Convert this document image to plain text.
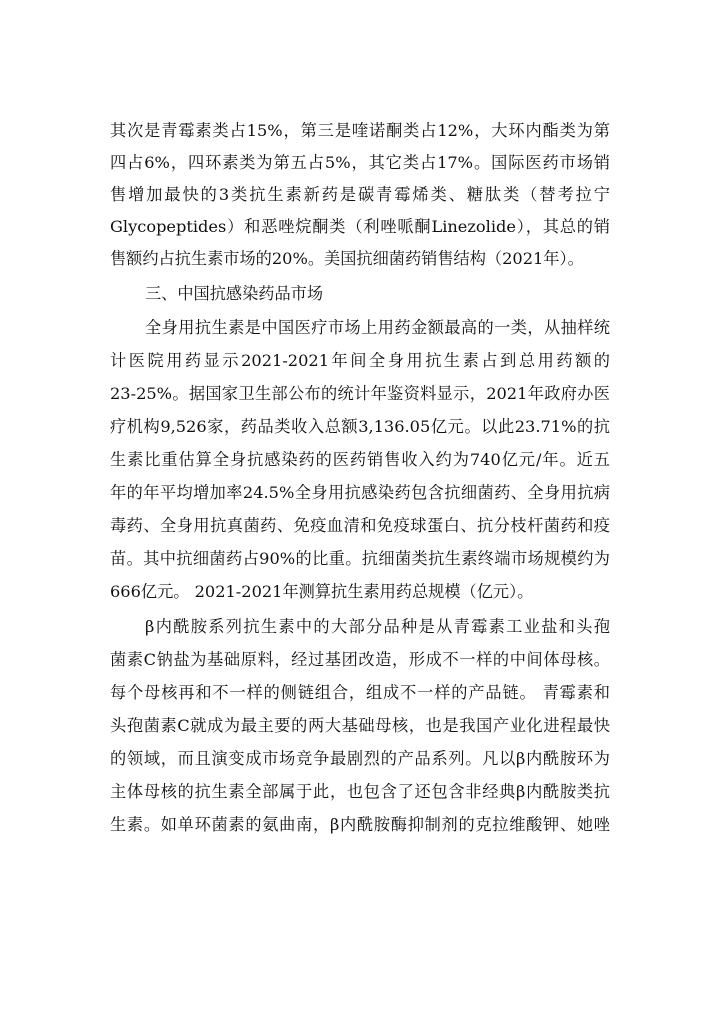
其次是青霉素类占15%，第三是喹诺酮类占12%，大环内酯类为第
四占6%，四环素类为第五占5%，其它类占17%。国际医药市场销
售增加最快的3类抗生素新药是碳青霉烯类、糖肽类（替考拉宁
Glycopeptides）和恶唑烷酮类（利唑哌酮Linezolide），其总的销
售额约占抗生素市场的20%。美国抗细菌药销售结构（2021年）。
三、中国抗感染药品市场
全身用抗生素是中国医疗市场上用药金额最高的一类，从抽样统
计医院用药显示2021-2021年间全身用抗生素占到总用药额的
23-25%。据国家卫生部公布的统计年鉴资料显示，2021年政府办医
疗机构9,526家，药品类收入总额3,136.05亿元。以此23.71%的抗
生素比重估算全身抗感染药的医药销售收入约为740亿元/年。近五
年的年平均增加率24.5%全身用抗感染药包含抗细菌药、全身用抗病
毒药、全身用抗真菌药、免疫血清和免疫球蛋白、抗分枝杆菌药和疫
苗。其中抗细菌药占90%的比重。抗细菌类抗生素终端市场规模约为
666亿元。 2021-2021年测算抗生素用药总规模（亿元）。
β内酰胺系列抗生素中的大部分品种是从青霉素工业盐和头孢
菌素C钠盐为基础原料，经过基团改造，形成不一样的中间体母核。
每个母核再和不一样的侧链组合，组成不一样的产品链。 青霉素和
头孢菌素C就成为最主要的两大基础母核，也是我国产业化进程最快
的领域，而且演变成市场竞争最剧烈的产品系列。凡以β内酰胺环为
主体母核的抗生素全部属于此，也包含了还包含非经典β内酰胺类抗
生素。如单环菌素的氨曲南，β内酰胺酶抑制剂的克拉维酸钾、她唑
